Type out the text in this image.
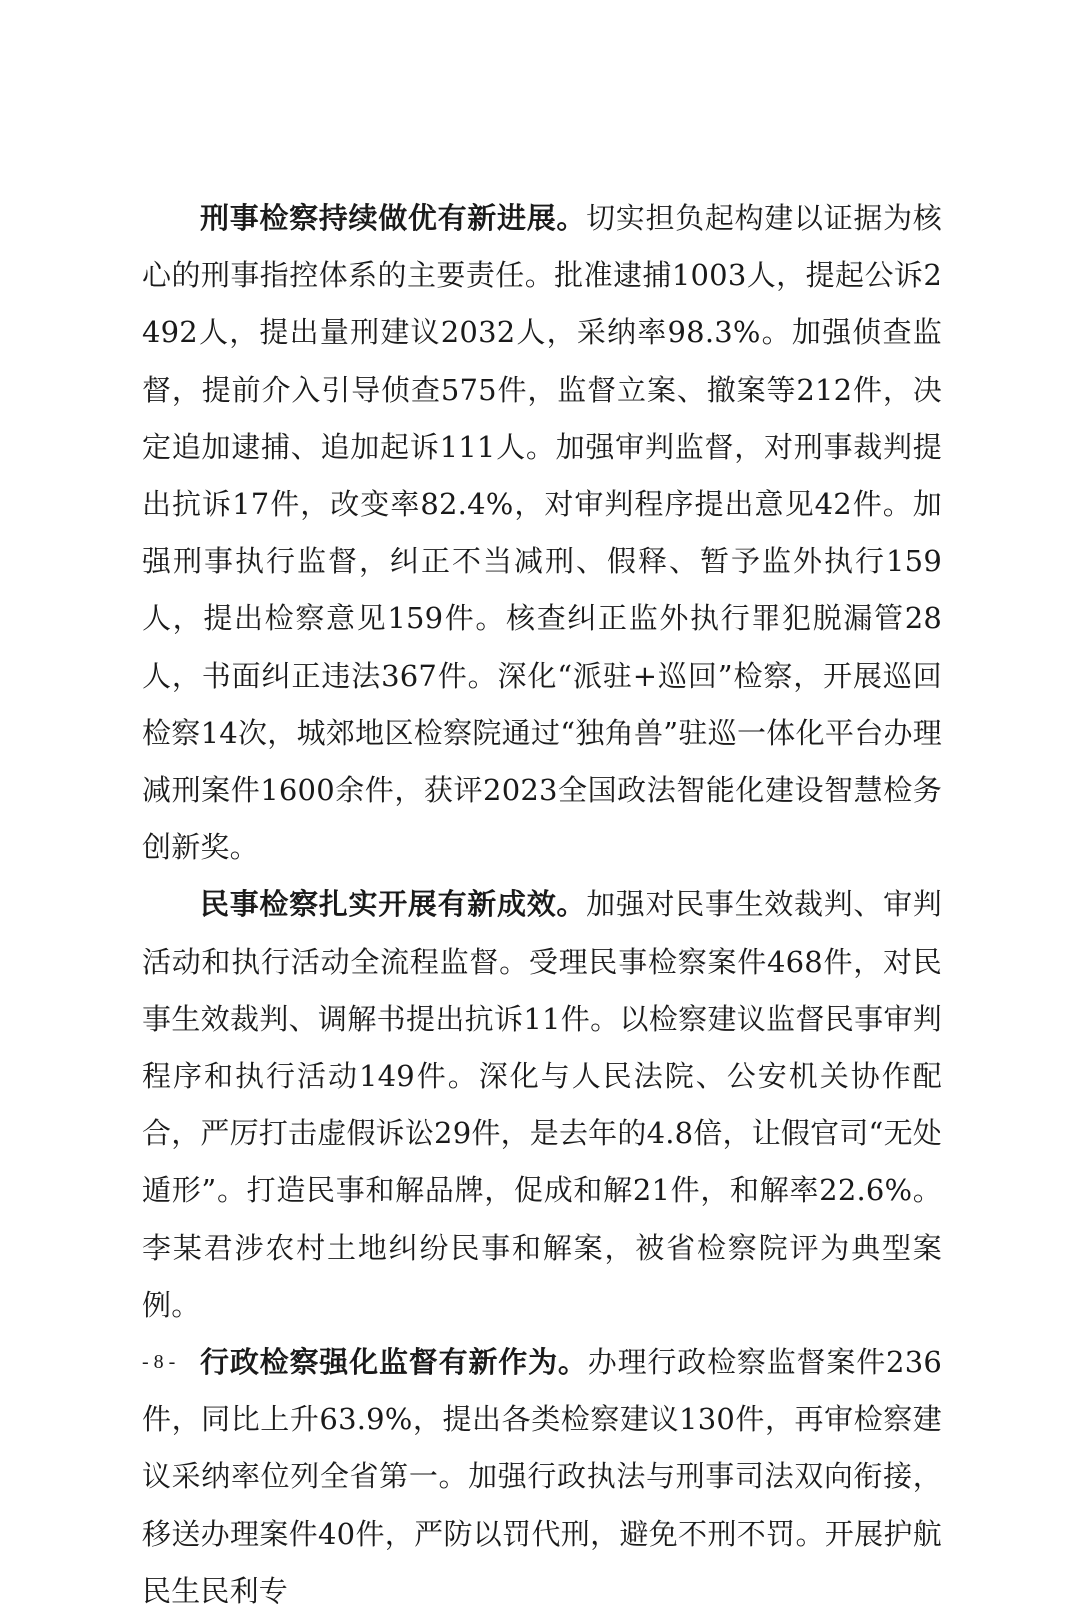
刑事检察持续做优有新进展。切实担负起构建以证据为核心的刑事指控体系的主要责任。批准逮捕1003人，提起公诉2492人，提出量刑建议2032人，采纳率98.3%。加强侦查监督，提前介入引导侦查575件，监督立案、撤案等212件，决定追加逮捕、追加起诉111人。加强审判监督，对刑事裁判提出抗诉17件，改变率82.4%，对审判程序提出意见42件。加强刑事执行监督，纠正不当减刑、假释、暂予监外执行159人，提出检察意见159件。核查纠正监外执行罪犯脱漏管28人，书面纠正违法367件。深化“派驻+巡回”检察，开展巡回检察14次，城郊地区检察院通过“独角兽”驻巡一体化平台办理减刑案件1600余件，获评2023全国政法智能化建设智慧检务创新奖。

民事检察扎实开展有新成效。加强对民事生效裁判、审判活动和执行活动全流程监督。受理民事检察案件468件，对民事生效裁判、调解书提出抗诉11件。以检察建议监督民事审判程序和执行活动149件。深化与人民法院、公安机关协作配合，严厉打击虚假诉讼29件，是去年的4.8倍，让假官司“无处遁形”。打造民事和解品牌，促成和解21件，和解率22.6%。李某君涉农村土地纠纷民事和解案，被省检察院评为典型案例。

行政检察强化监督有新作为。办理行政检察监督案件236件，同比上升63.9%，提出各类检察建议130件，再审检察建议采纳率位列全省第一。加强行政执法与刑事司法双向衔接，移送办理案件40件，严防以罚代刑，避免不刑不罚。开展护航民生民利专

- 8 -
